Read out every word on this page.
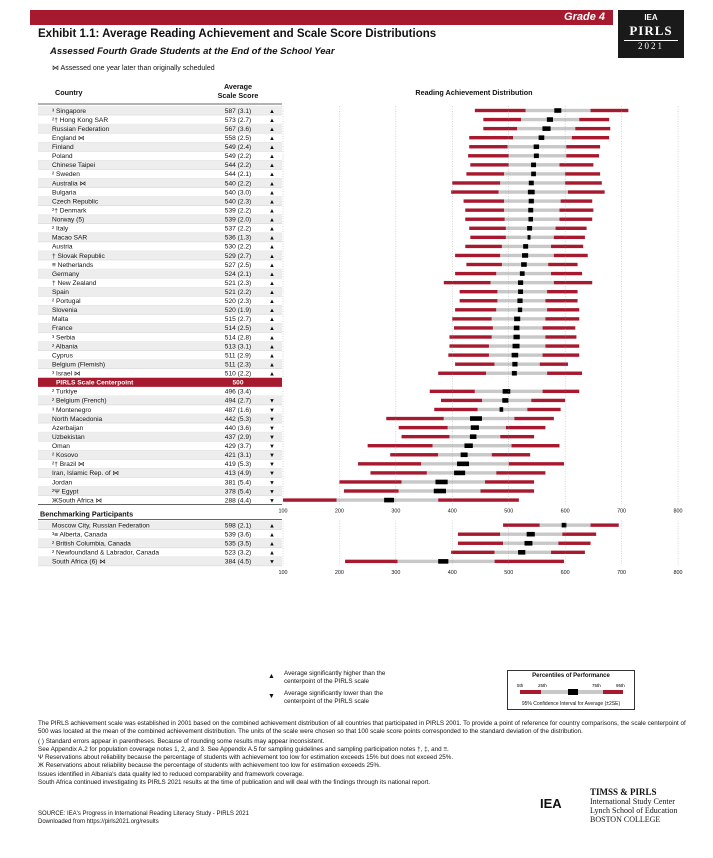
Grade 4	IEA
PIRLS
2021
Exhibit 1.1: Average Reading Achievement and Scale Score Distributions
Assessed Fourth Grade Students at the End of the School Year
⋈ Assessed one year later than originally scheduled
Country
Average
Scale Score	Reading Achievement Distribution
³ Singapore	587 (3.1)	▲
²† Hong Kong SAR	573 (2.7)	▲
Russian Federation	567 (3.6)	▲
England ⋈	558 (2.5)	▲
Finland	549 (2.4)	▲
Poland	549 (2.2)	▲
Chinese Taipei	544 (2.2)	▲
² Sweden	544 (2.1)	▲
Australia ⋈	540 (2.2)	▲
Bulgaria	540 (3.0)	▲
Czech Republic	540 (2.3)	▲
²† Denmark	539 (2.2)	▲
Norway (5)	539 (2.0)	▲
² Italy	537 (2.2)	▲
Macao SAR	536 (1.3)	▲
Austria	530 (2.2)	▲
† Slovak Republic	529 (2.7)	▲
≡ Netherlands	527 (2.5)	▲
Germany	524 (2.1)	▲
† New Zealand	521 (2.3)	▲
Spain	521 (2.2)	▲
² Portugal	520 (2.3)	▲
Slovenia	520 (1.9)	▲
Malta	515 (2.7)	▲
France	514 (2.5)	▲
³ Serbia	514 (2.8)	▲
² Albania	513 (3.1)	▲
Cyprus	511 (2.9)	▲
Belgium (Flemish)	511 (2.3)	▲
³ Israel ⋈	510 (2.2)	▲
PIRLS Scale Centerpoint	500
² Turkiye	496 (3.4)
² Belgium (French)	494 (2.7)	▼
³ Montenegro	487 (1.6)	▼
North Macedonia	442 (5.3)	▼
Azerbaijan	440 (3.6)	▼
Uzbekistan	437 (2.9)	▼
Oman	429 (3.7)	▼
² Kosovo	421 (3.1)	▼
²† Brazil ⋈	419 (5.3)	▼
Iran, Islamic Rep. of ⋈	413 (4.9)	▼
Jordan	381 (5.4)	▼
²Ψ Egypt	378 (5.4)	▼
ЖSouth Africa ⋈	288 (4.4)	▼
100	200	300	400	500	600	700	800
Benchmarking Participants
Moscow City, Russian Federation	598 (2.1)	▲
³≡ Alberta, Canada	539 (3.6)	▲
² British Columbia, Canada	535 (3.5)	▲
² Newfoundland & Labrador, Canada	523 (3.2)	▲
South Africa (6) ⋈	384 (4.5)	▼
100	200	300	400	500	600	700	800
▲ Average significantly higher than the centerpoint of the PIRLS scale
▼ Average significantly lower than the centerpoint of the PIRLS scale
Percentiles of Performance
5th	25th	75th	95th
95% Confidence Interval for Average (±2SE)

The PIRLS achievement scale was established in 2001 based on the combined achievement distribution of all countries that participated in PIRLS 2001. To provide a point of reference for country comparisons, the scale centerpoint of 500 was located at the mean of the combined achievement distribution. The units of the scale were chosen so that 100 scale score points corresponded to the standard deviation of the distribution.

( ) Standard errors appear in parentheses. Because of rounding some results may appear inconsistent.

See Appendix A.2 for population coverage notes 1, 2, and 3. See Appendix A.5 for sampling guidelines and sampling participation notes †, ‡, and ≡.

Ψ Reservations about reliability because the percentage of students with achievement too low for estimation exceeds 15% but does not exceed 25%.

Ж Reservations about reliability because the percentage of students with achievement too low for estimation exceeds 25%.

Issues identified in Albania's data quality led to reduced comparability and framework coverage.

South Africa continued investigating its PIRLS 2021 results at the time of publication and will deal with the findings through its national report.

SOURCE: IEA's Progress in International Reading Literacy Study - PIRLS 2021
Downloaded from https://pirls2021.org/results
IEA
TIMSS & PIRLS
International Study Center
Lynch School of Education
BOSTON COLLEGE
